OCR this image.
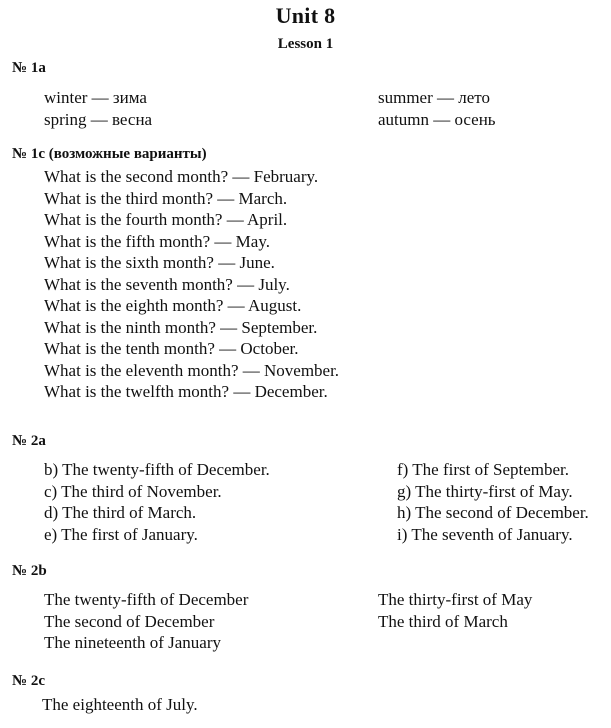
Unit 8
Lesson 1
№ 1a
winter — зима
spring — весна
summer — лето
autumn — осень
№ 1c (возможные варианты)
What is the second month? — February.
What is the third month? — March.
What is the fourth month? — April.
What is the fifth month? — May.
What is the sixth month? — June.
What is the seventh month? — July.
What is the eighth month? — August.
What is the ninth month? — September.
What is the tenth month? — October.
What is the eleventh month? — November.
What is the twelfth month? — December.
№ 2a
b) The twenty-fifth of December.
c) The third of November.
d) The third of March.
e) The first of January.
f) The first of September.
g) The thirty-first of May.
h) The second of December.
i) The seventh of January.
№ 2b
The twenty-fifth of December
The second of December
The nineteenth of January
The thirty-first of May
The third of March
№ 2c
The eighteenth of July.
